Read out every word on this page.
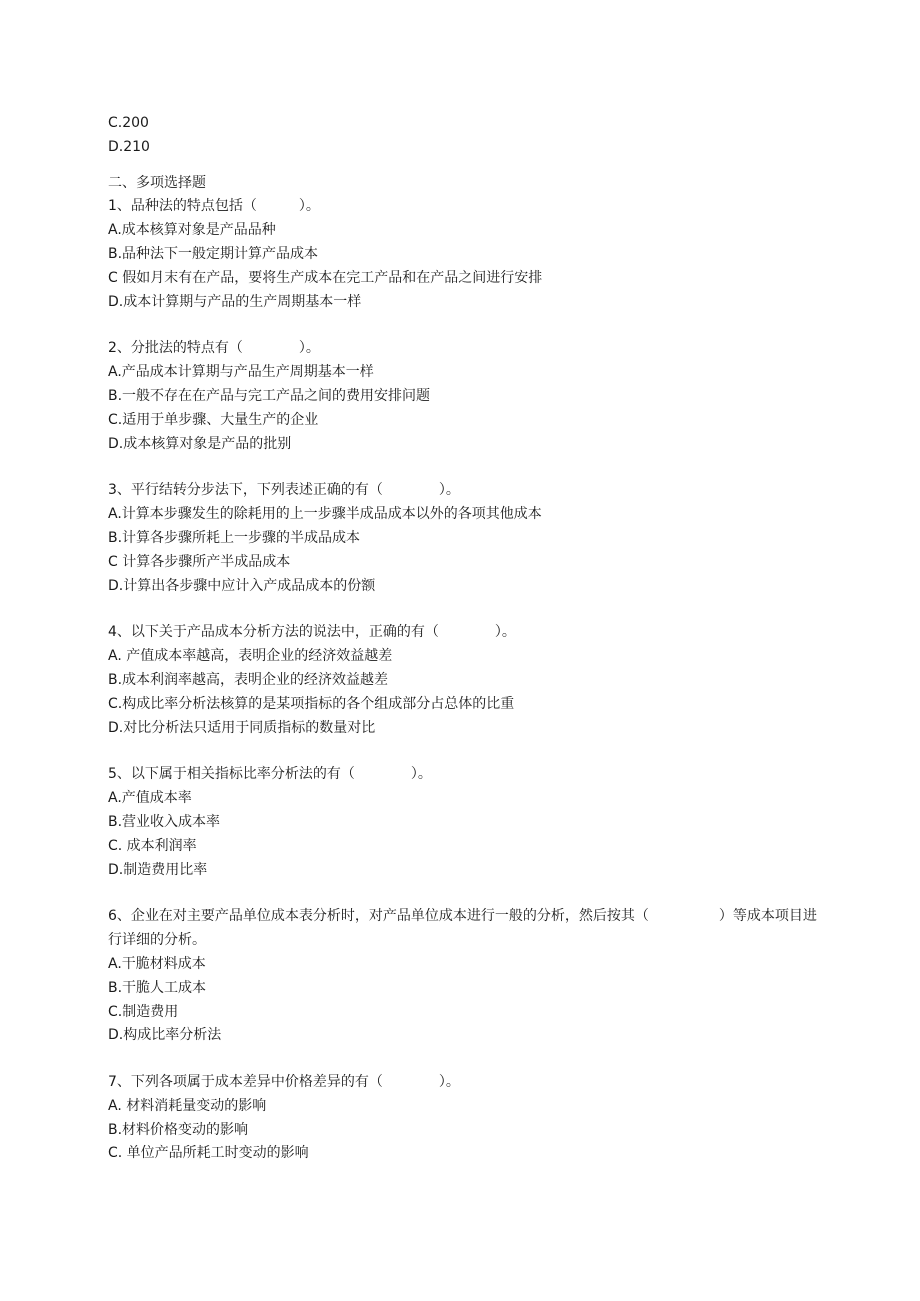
C.200
D.210
二、多项选择题
1、品种法的特点包括（　　　）。
A.成本核算对象是产品品种
B.品种法下一般定期计算产品成本
C 假如月末有在产品，要将生产成本在完工产品和在产品之间进行安排
D.成本计算期与产品的生产周期基本一样
2、分批法的特点有（　　　　）。
A.产品成本计算期与产品生产周期基本一样
B.一般不存在在产品与完工产品之间的费用安排问题
C.适用于单步骤、大量生产的企业
D.成本核算对象是产品的批别
3、平行结转分步法下，下列表述正确的有（　　　　）。
A.计算本步骤发生的除耗用的上一步骤半成品成本以外的各项其他成本
B.计算各步骤所耗上一步骤的半成品成本
C 计算各步骤所产半成品成本
D.计算出各步骤中应计入产成品成本的份额
4、以下关于产品成本分析方法的说法中，正确的有（　　　　）。
A. 产值成本率越高，表明企业的经济效益越差
B.成本利润率越高，表明企业的经济效益越差
C.构成比率分析法核算的是某项指标的各个组成部分占总体的比重
D.对比分析法只适用于同质指标的数量对比
5、以下属于相关指标比率分析法的有（　　　　）。
A.产值成本率
B.营业收入成本率
C. 成本利润率
D.制造费用比率
6、企业在对主要产品单位成本表分析时，对产品单位成本进行一般的分析，然后按其（　　　　　）等成本项目进行详细的分析。
A.干脆材料成本
B.干脆人工成本
C.制造费用
D.构成比率分析法
7、下列各项属于成本差异中价格差异的有（　　　　）。
A. 材料消耗量变动的影响
B.材料价格变动的影响
C. 单位产品所耗工时变动的影响
